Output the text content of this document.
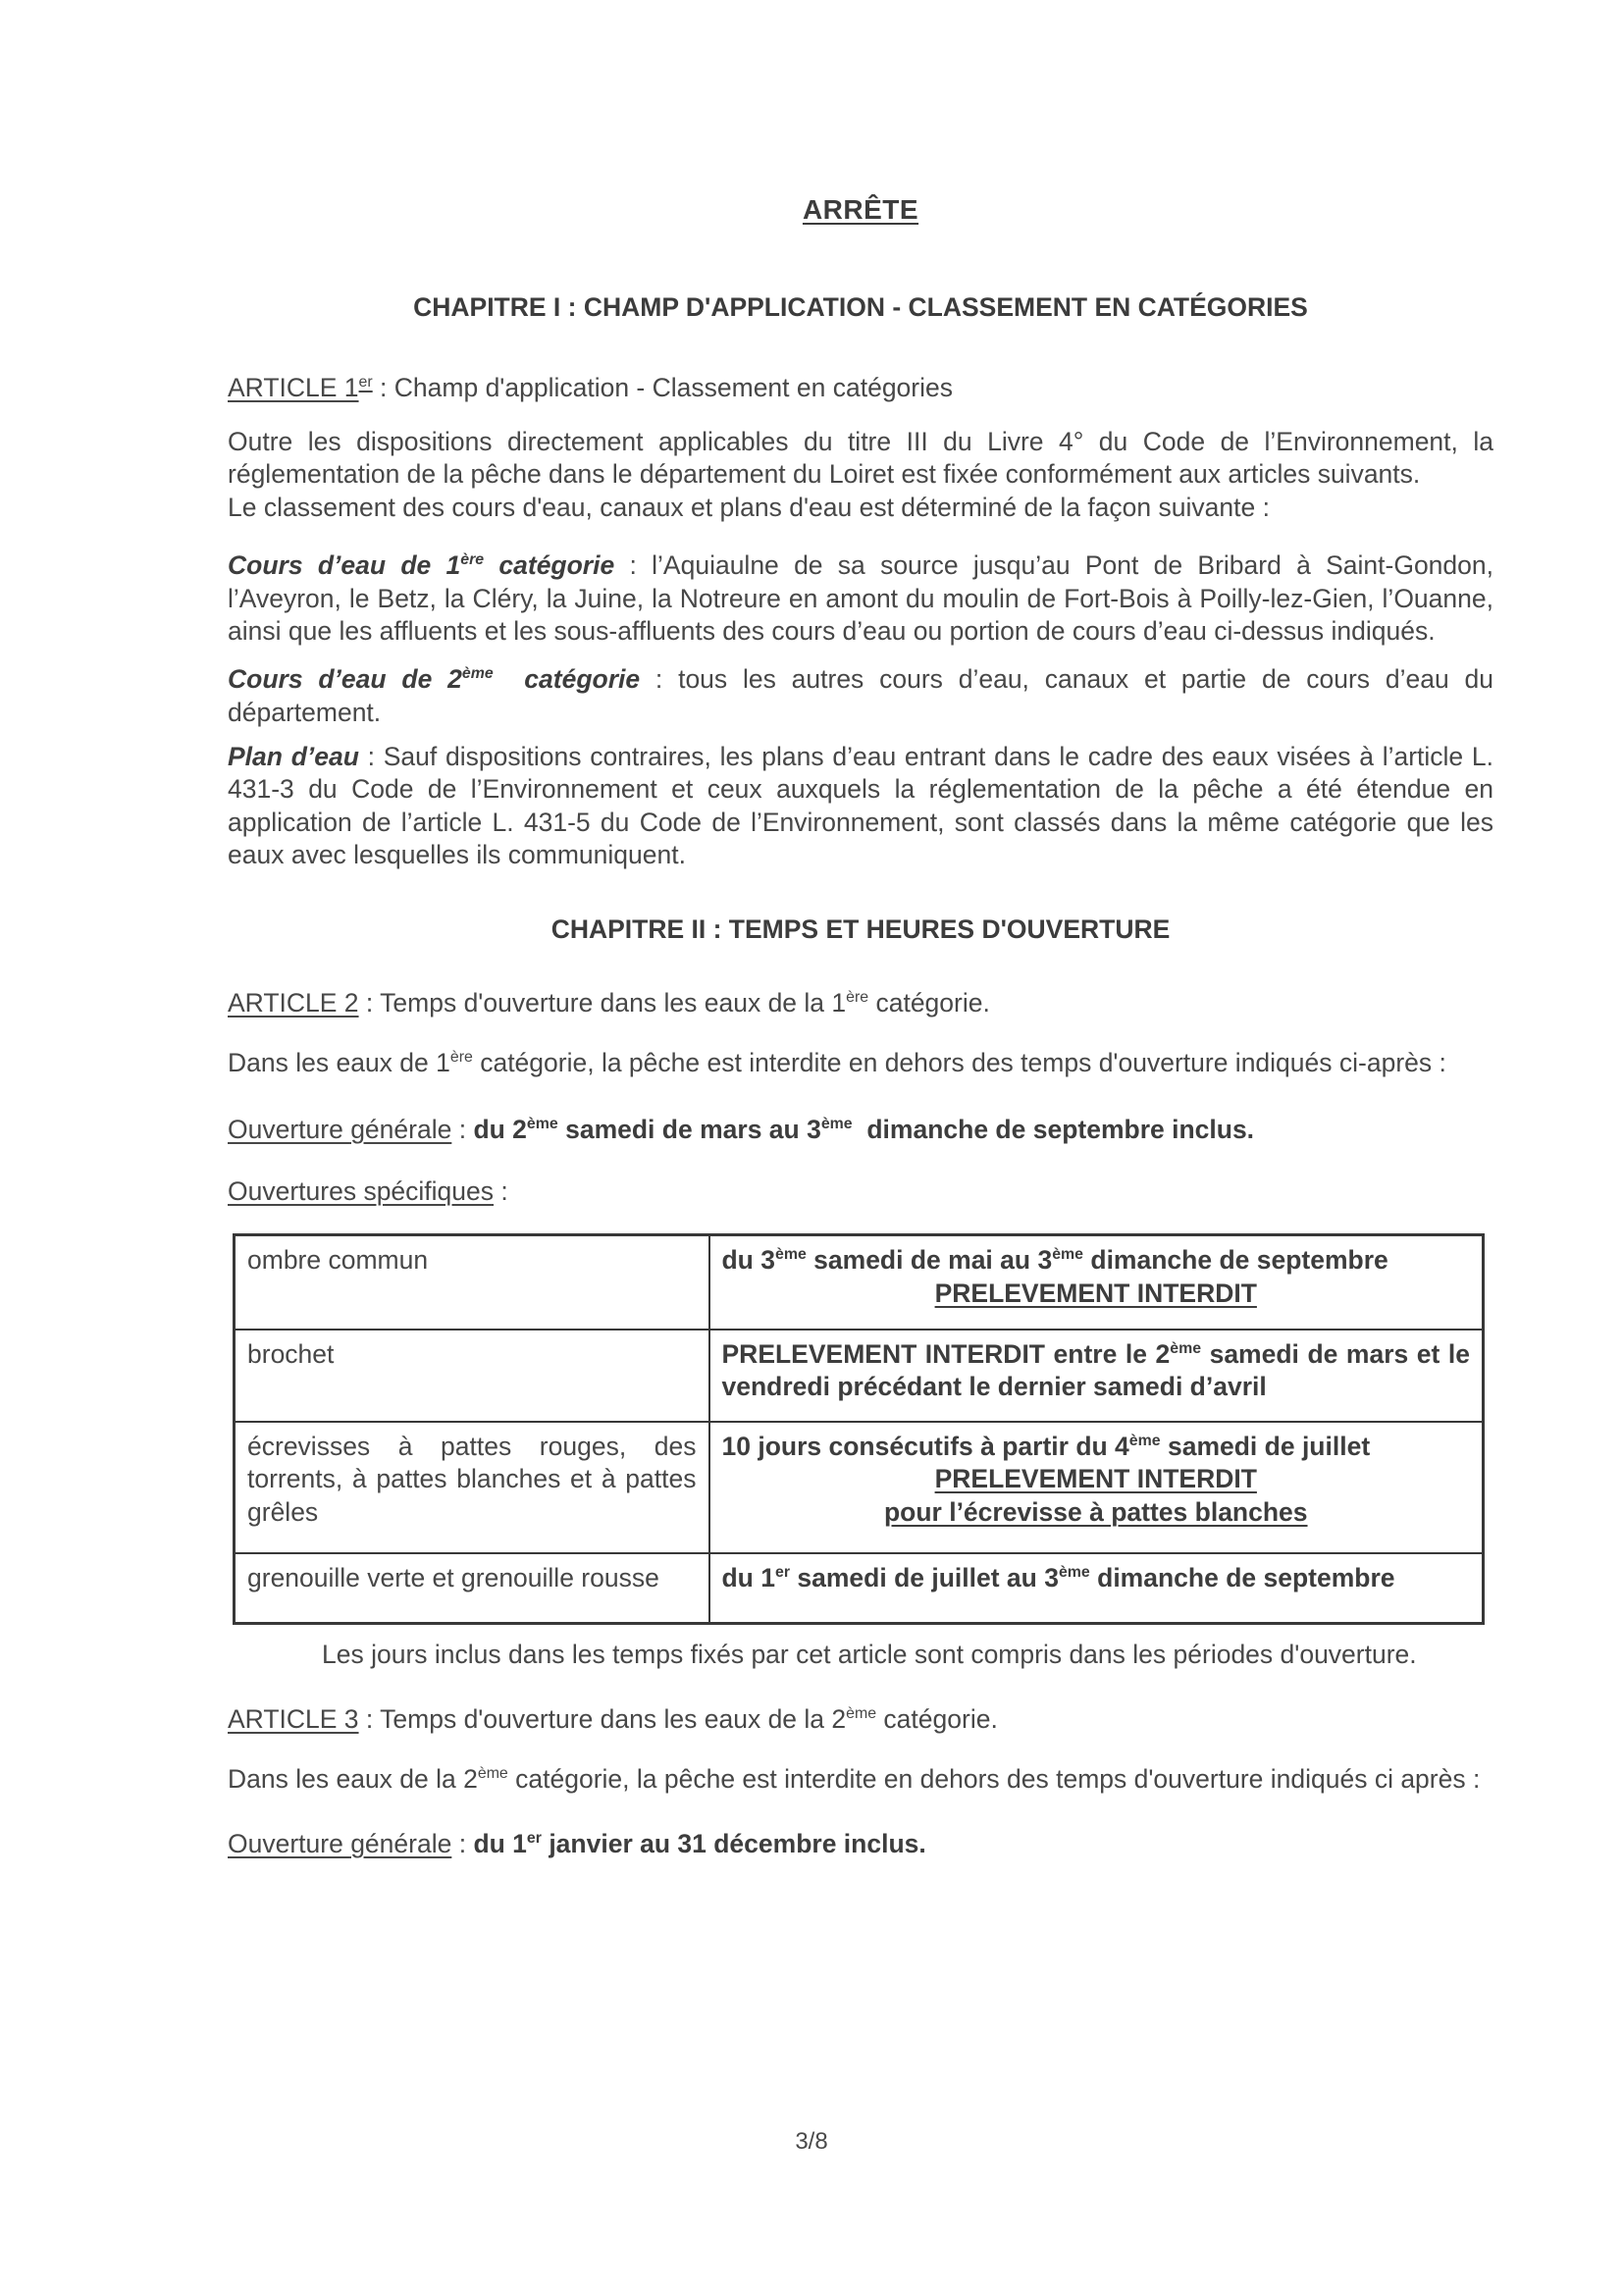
ARRÊTE
CHAPITRE I : CHAMP D'APPLICATION - CLASSEMENT EN CATÉGORIES

ARTICLE 1er : Champ d'application - Classement en catégories

Outre les dispositions directement applicables du titre III du Livre 4° du Code de l’Environnement, la réglementation de la pêche dans le département du Loiret est fixée conformément aux articles suivants.

Le classement des cours d'eau, canaux et plans d'eau est déterminé de la façon suivante :

Cours d’eau de 1ère catégorie : l’Aquiaulne de sa source jusqu’au Pont de Bribard à Saint-Gondon, l’Aveyron, le Betz, la Cléry, la Juine, la Notreure en amont du moulin de Fort-Bois à Poilly-lez-Gien, l’Ouanne, ainsi que les affluents et les sous-affluents des cours d’eau ou portion de cours d’eau ci-dessus indiqués.

Cours d’eau de 2ème  catégorie : tous les autres cours d’eau, canaux et partie de cours d’eau du département.

Plan d’eau : Sauf dispositions contraires, les plans d’eau entrant dans le cadre des eaux visées à l’article L. 431-3 du Code de l’Environnement et ceux auxquels la réglementation de la pêche a été étendue en application de l’article L. 431-5 du Code de l’Environnement, sont classés dans la même catégorie que les eaux avec lesquelles ils communiquent.

CHAPITRE II : TEMPS ET HEURES D'OUVERTURE

ARTICLE 2 : Temps d'ouverture dans les eaux de la 1ère catégorie.

Dans les eaux de 1ère catégorie, la pêche est interdite en dehors des temps d'ouverture indiqués ci-après :

Ouverture générale : du 2ème samedi de mars au 3ème  dimanche de septembre inclus.

Ouvertures spécifiques :

ombre commun	du 3ème samedi de mai au 3ème dimanche de septembre
PRELEVEMENT INTERDIT

brochet	PRELEVEMENT INTERDIT entre le 2ème samedi de mars et le vendredi précédant le dernier samedi d’avril

écrevisses à pattes rouges, des torrents, à pattes blanches et à pattes grêles	10 jours consécutifs à partir du 4ème samedi de juillet
PRELEVEMENT INTERDIT
pour l’écrevisse à pattes blanches

grenouille verte et grenouille rousse	du 1er samedi de juillet au 3ème dimanche de septembre

Les jours inclus dans les temps fixés par cet article sont compris dans les périodes d'ouverture.

ARTICLE 3 : Temps d'ouverture dans les eaux de la 2ème catégorie.

Dans les eaux de la 2ème catégorie, la pêche est interdite en dehors des temps d'ouverture indiqués ci après :

Ouverture générale : du 1er janvier au 31 décembre inclus.

3/8
